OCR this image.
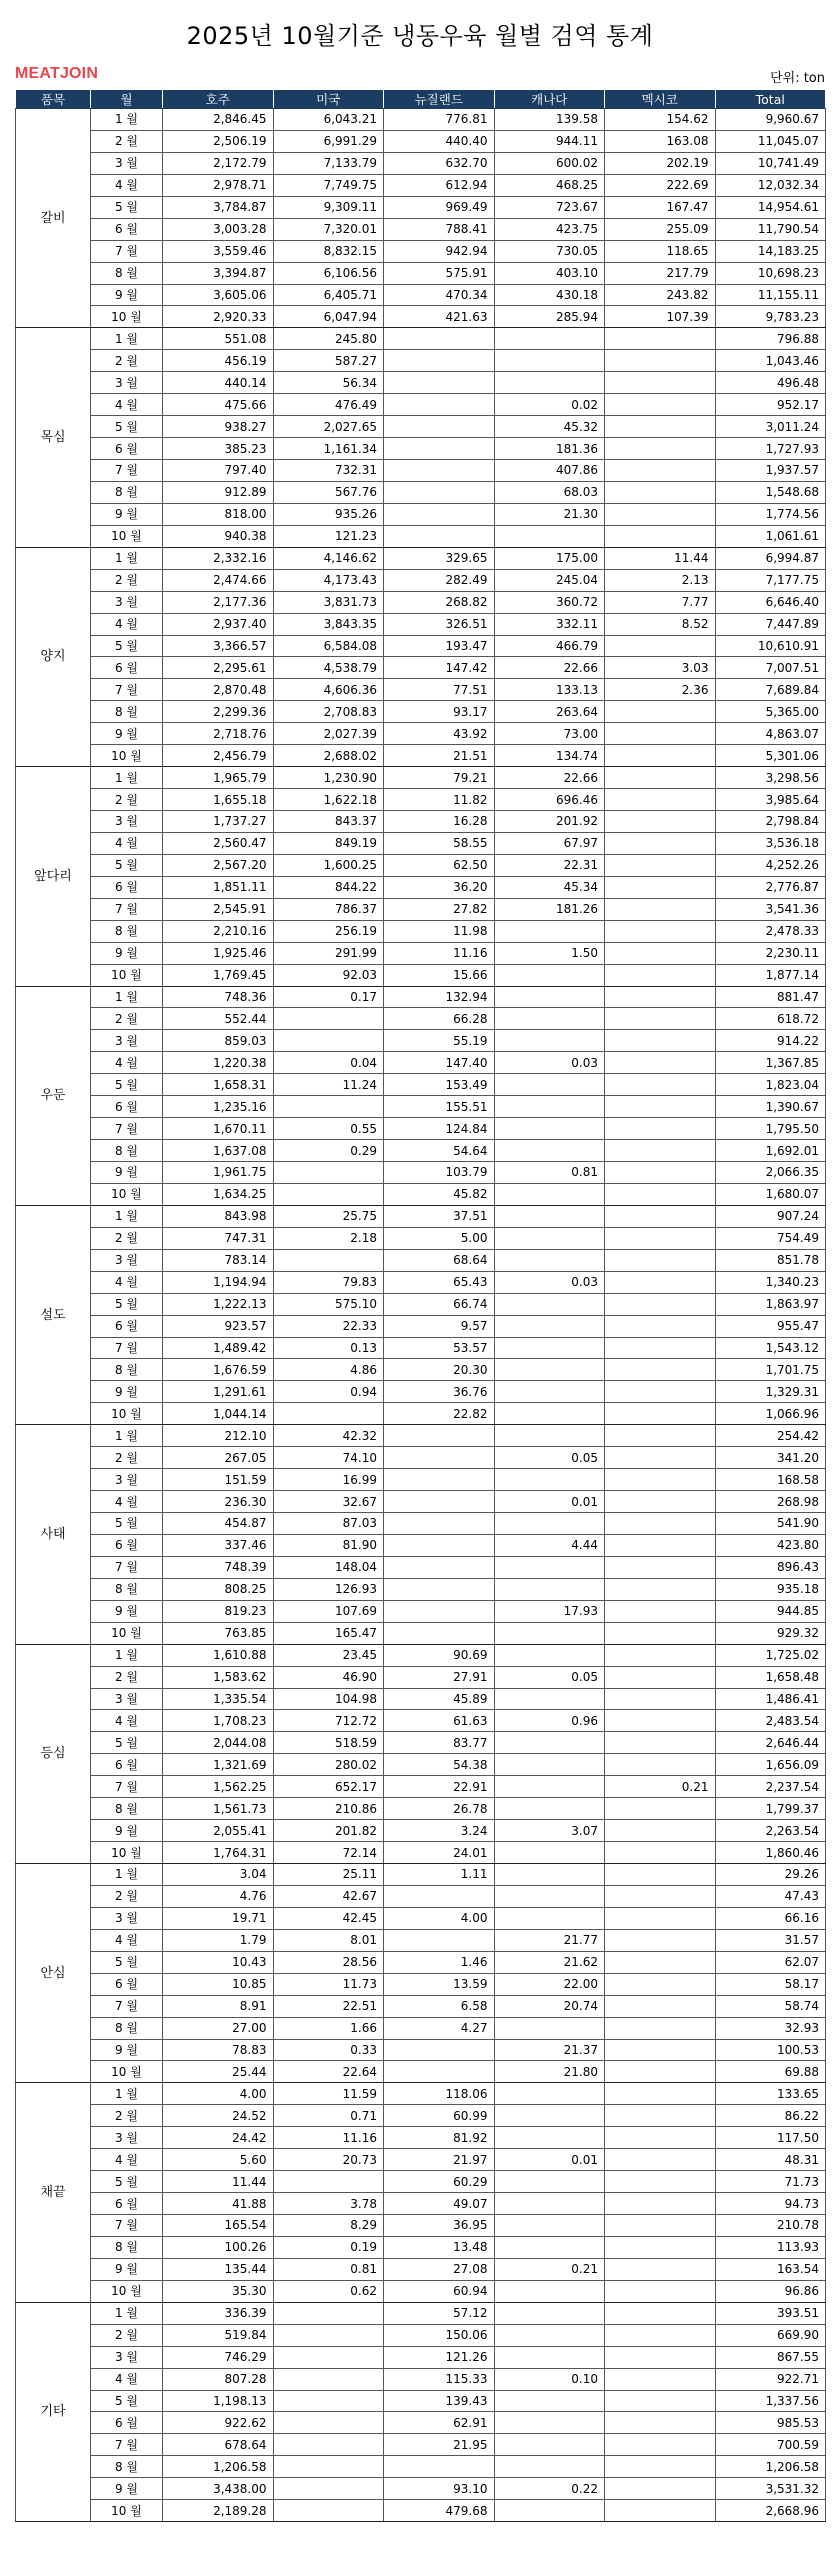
2025년 10월기준 냉동우육 월별 검역 통계
MEATJOIN	단위: ton
품목	월	호주	미국	뉴질랜드	캐나다	멕시코	Total
갈비	1 월	2,846.45	6,043.21	776.81	139.58	154.62	9,960.67
	2 월	2,506.19	6,991.29	440.40	944.11	163.08	11,045.07
	3 월	2,172.79	7,133.79	632.70	600.02	202.19	10,741.49
	4 월	2,978.71	7,749.75	612.94	468.25	222.69	12,032.34
	5 월	3,784.87	9,309.11	969.49	723.67	167.47	14,954.61
	6 월	3,003.28	7,320.01	788.41	423.75	255.09	11,790.54
	7 월	3,559.46	8,832.15	942.94	730.05	118.65	14,183.25
	8 월	3,394.87	6,106.56	575.91	403.10	217.79	10,698.23
	9 월	3,605.06	6,405.71	470.34	430.18	243.82	11,155.11
	10 월	2,920.33	6,047.94	421.63	285.94	107.39	9,783.23
목심	1 월	551.08	245.80				796.88
	2 월	456.19	587.27				1,043.46
	3 월	440.14	56.34				496.48
	4 월	475.66	476.49		0.02		952.17
	5 월	938.27	2,027.65		45.32		3,011.24
	6 월	385.23	1,161.34		181.36		1,727.93
	7 월	797.40	732.31		407.86		1,937.57
	8 월	912.89	567.76		68.03		1,548.68
	9 월	818.00	935.26		21.30		1,774.56
	10 월	940.38	121.23				1,061.61
양지	1 월	2,332.16	4,146.62	329.65	175.00	11.44	6,994.87
	2 월	2,474.66	4,173.43	282.49	245.04	2.13	7,177.75
	3 월	2,177.36	3,831.73	268.82	360.72	7.77	6,646.40
	4 월	2,937.40	3,843.35	326.51	332.11	8.52	7,447.89
	5 월	3,366.57	6,584.08	193.47	466.79		10,610.91
	6 월	2,295.61	4,538.79	147.42	22.66	3.03	7,007.51
	7 월	2,870.48	4,606.36	77.51	133.13	2.36	7,689.84
	8 월	2,299.36	2,708.83	93.17	263.64		5,365.00
	9 월	2,718.76	2,027.39	43.92	73.00		4,863.07
	10 월	2,456.79	2,688.02	21.51	134.74		5,301.06
앞다리	1 월	1,965.79	1,230.90	79.21	22.66		3,298.56
	2 월	1,655.18	1,622.18	11.82	696.46		3,985.64
	3 월	1,737.27	843.37	16.28	201.92		2,798.84
	4 월	2,560.47	849.19	58.55	67.97		3,536.18
	5 월	2,567.20	1,600.25	62.50	22.31		4,252.26
	6 월	1,851.11	844.22	36.20	45.34		2,776.87
	7 월	2,545.91	786.37	27.82	181.26		3,541.36
	8 월	2,210.16	256.19	11.98			2,478.33
	9 월	1,925.46	291.99	11.16	1.50		2,230.11
	10 월	1,769.45	92.03	15.66			1,877.14
우둔	1 월	748.36	0.17	132.94			881.47
	2 월	552.44		66.28			618.72
	3 월	859.03		55.19			914.22
	4 월	1,220.38	0.04	147.40	0.03		1,367.85
	5 월	1,658.31	11.24	153.49			1,823.04
	6 월	1,235.16		155.51			1,390.67
	7 월	1,670.11	0.55	124.84			1,795.50
	8 월	1,637.08	0.29	54.64			1,692.01
	9 월	1,961.75		103.79	0.81		2,066.35
	10 월	1,634.25		45.82			1,680.07
설도	1 월	843.98	25.75	37.51			907.24
	2 월	747.31	2.18	5.00			754.49
	3 월	783.14		68.64			851.78
	4 월	1,194.94	79.83	65.43	0.03		1,340.23
	5 월	1,222.13	575.10	66.74			1,863.97
	6 월	923.57	22.33	9.57			955.47
	7 월	1,489.42	0.13	53.57			1,543.12
	8 월	1,676.59	4.86	20.30			1,701.75
	9 월	1,291.61	0.94	36.76			1,329.31
	10 월	1,044.14		22.82			1,066.96
사태	1 월	212.10	42.32				254.42
	2 월	267.05	74.10		0.05		341.20
	3 월	151.59	16.99				168.58
	4 월	236.30	32.67		0.01		268.98
	5 월	454.87	87.03				541.90
	6 월	337.46	81.90		4.44		423.80
	7 월	748.39	148.04				896.43
	8 월	808.25	126.93				935.18
	9 월	819.23	107.69		17.93		944.85
	10 월	763.85	165.47				929.32
등심	1 월	1,610.88	23.45	90.69			1,725.02
	2 월	1,583.62	46.90	27.91	0.05		1,658.48
	3 월	1,335.54	104.98	45.89			1,486.41
	4 월	1,708.23	712.72	61.63	0.96		2,483.54
	5 월	2,044.08	518.59	83.77			2,646.44
	6 월	1,321.69	280.02	54.38			1,656.09
	7 월	1,562.25	652.17	22.91		0.21	2,237.54
	8 월	1,561.73	210.86	26.78			1,799.37
	9 월	2,055.41	201.82	3.24	3.07		2,263.54
	10 월	1,764.31	72.14	24.01			1,860.46
안심	1 월	3.04	25.11	1.11			29.26
	2 월	4.76	42.67				47.43
	3 월	19.71	42.45	4.00			66.16
	4 월	1.79	8.01		21.77		31.57
	5 월	10.43	28.56	1.46	21.62		62.07
	6 월	10.85	11.73	13.59	22.00		58.17
	7 월	8.91	22.51	6.58	20.74		58.74
	8 월	27.00	1.66	4.27			32.93
	9 월	78.83	0.33		21.37		100.53
	10 월	25.44	22.64		21.80		69.88
채끝	1 월	4.00	11.59	118.06			133.65
	2 월	24.52	0.71	60.99			86.22
	3 월	24.42	11.16	81.92			117.50
	4 월	5.60	20.73	21.97	0.01		48.31
	5 월	11.44		60.29			71.73
	6 월	41.88	3.78	49.07			94.73
	7 월	165.54	8.29	36.95			210.78
	8 월	100.26	0.19	13.48			113.93
	9 월	135.44	0.81	27.08	0.21		163.54
	10 월	35.30	0.62	60.94			96.86
기타	1 월	336.39		57.12			393.51
	2 월	519.84		150.06			669.90
	3 월	746.29		121.26			867.55
	4 월	807.28		115.33	0.10		922.71
	5 월	1,198.13		139.43			1,337.56
	6 월	922.62		62.91			985.53
	7 월	678.64		21.95			700.59
	8 월	1,206.58					1,206.58
	9 월	3,438.00		93.10	0.22		3,531.32
	10 월	2,189.28		479.68			2,668.96
